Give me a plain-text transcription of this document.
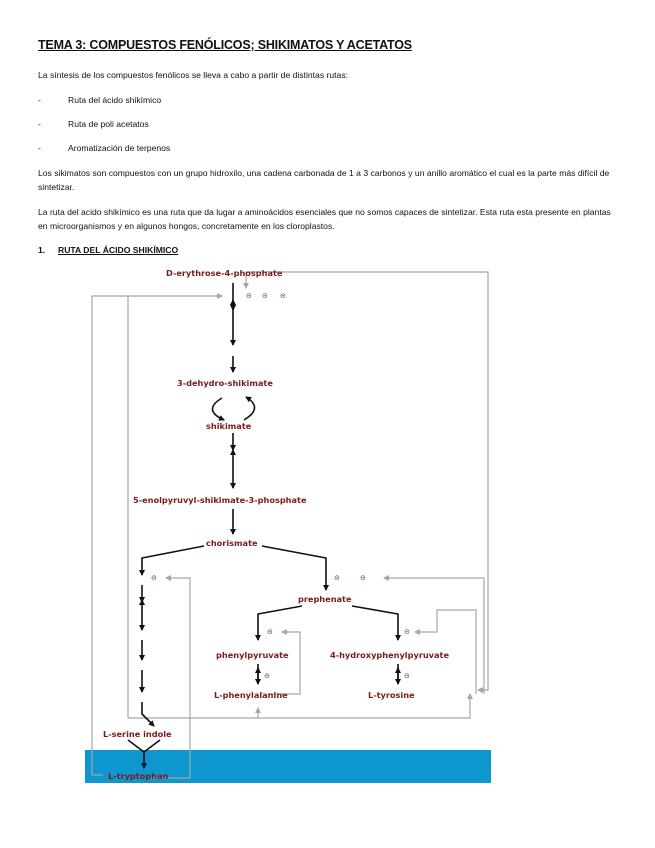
TEMA 3: COMPUESTOS FENÓLICOS; SHIKIMATOS Y ACETATOS
La síntesis de los compuestos fenólicos se lleva a cabo a partir de distintas rutas:
-	Ruta del ácido shikímico
-	Ruta de poli acetatos
-	Aromatización de terpenos
Los sikimatos son compuestos con un grupo hidroxilo, una cadena carbonada de 1 a 3 carbonos y un anillo aromático el cual es la parte más difícil de sintetizar.
La ruta del acido shikímico es una ruta que da lugar a aminoácidos esenciales que no somos capaces de sintetizar. Esta ruta esta presente en plantas en microorganismos y en algunos hongos, concretamente en los cloroplastos.
1. RUTA DEL ÁCIDO SHIKÍMICO
⊝ ⊝ ⊝
⊝	⊝	⊝
⊝	⊝
⊝	⊝
D-erythrose-4-phosphate
3-dehydro-shikimate
shikimate
5-enolpyruvyl-shikimate-3-phosphate
chorismate
prephenate
phenylpyruvate	4-hydroxyphenylpyruvate
L-phenylalanine	L-tyrosine
L-serine indole
L-tryptophan
